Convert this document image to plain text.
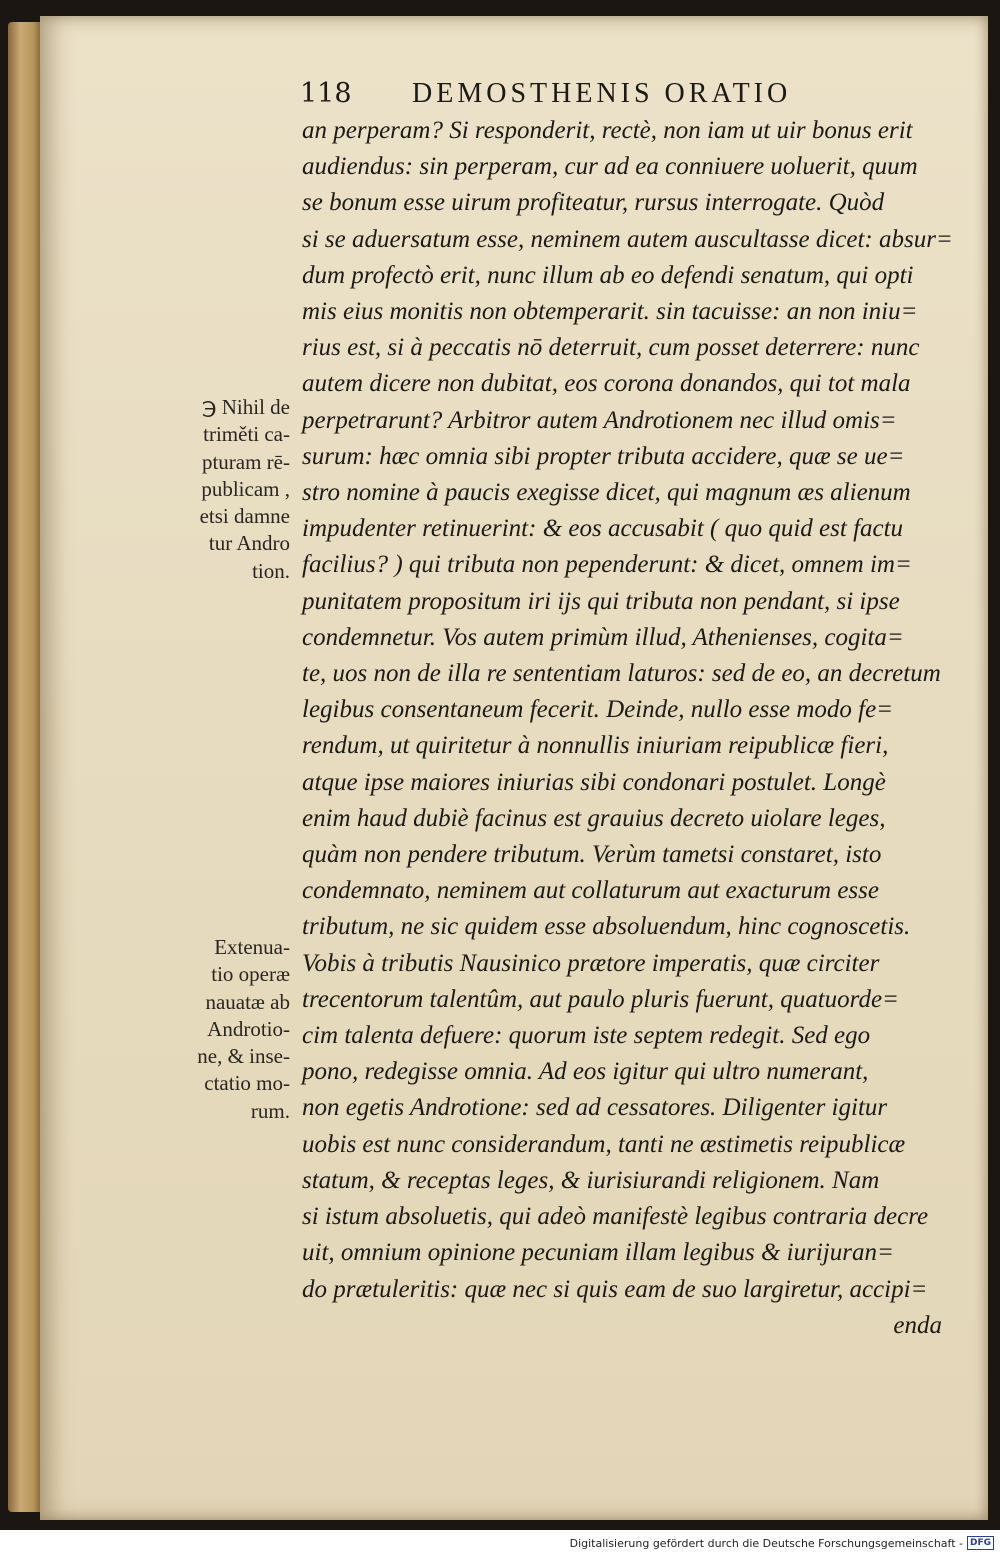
118 DEMOSTHENIS ORATIO
℈ Nihil de
triměti ca-
pturam rē-
publicam ,
etsi damne
tur Andro
tion.
Extenua-
tio operæ
nauatæ ab
Androtio-
ne, & inse-
ctatio mo-
rum.
an perperam? Si responderit, rectè, non iam ut uir bonus erit
audiendus: sin perperam, cur ad ea conniuere uoluerit, quum
se bonum esse uirum profiteatur, rursus interrogate. Quòd
si se aduersatum esse, neminem autem auscultasse dicet: absur=
dum profectò erit, nunc illum ab eo defendi senatum, qui opti
mis eius monitis non obtemperarit. sin tacuisse: an non iniu=
rius est, si à peccatis nō deterruit, cum posset deterrere: nunc
autem dicere non dubitat, eos corona donandos, qui tot mala
perpetrarunt? Arbitror autem Androtionem nec illud omis=
surum: hæc omnia sibi propter tributa accidere, quæ se ue=
stro nomine à paucis exegisse dicet, qui magnum æs alienum
impudenter retinuerint: & eos accusabit ( quo quid est factu
facilius? ) qui tributa non pependerunt: & dicet, omnem im=
punitatem propositum iri ijs qui tributa non pendant, si ipse
condemnetur. Vos autem primùm illud, Athenienses, cogita=
te, uos non de illa re sententiam laturos: sed de eo, an decretum
legibus consentaneum fecerit. Deinde, nullo esse modo fe=
rendum, ut quiritetur à nonnullis iniuriam reipublicæ fieri,
atque ipse maiores iniurias sibi condonari postulet. Longè
enim haud dubiè facinus est grauius decreto uiolare leges,
quàm non pendere tributum. Verùm tametsi constaret, isto
condemnato, neminem aut collaturum aut exacturum esse
tributum, ne sic quidem esse absoluendum, hinc cognoscetis.
Vobis à tributis Nausinico prætore imperatis, quæ circiter
trecentorum talentûm, aut paulo pluris fuerunt, quatuorde=
cim talenta defuere: quorum iste septem redegit. Sed ego
pono, redegisse omnia. Ad eos igitur qui ultro numerant,
non egetis Androtione: sed ad cessatores. Diligenter igitur
uobis est nunc considerandum, tanti ne æstimetis reipublicæ
statum, & receptas leges, & iurisiurandi religionem. Nam
si istum absoluetis, qui adeò manifestè legibus contraria decre
uit, omnium opinione pecuniam illam legibus & iurijuran=
do prætuleritis: quæ nec si quis eam de suo largiretur, accipi=
enda
Digitalisierung gefördert durch die Deutsche Forschungsgemeinschaft - DFG
